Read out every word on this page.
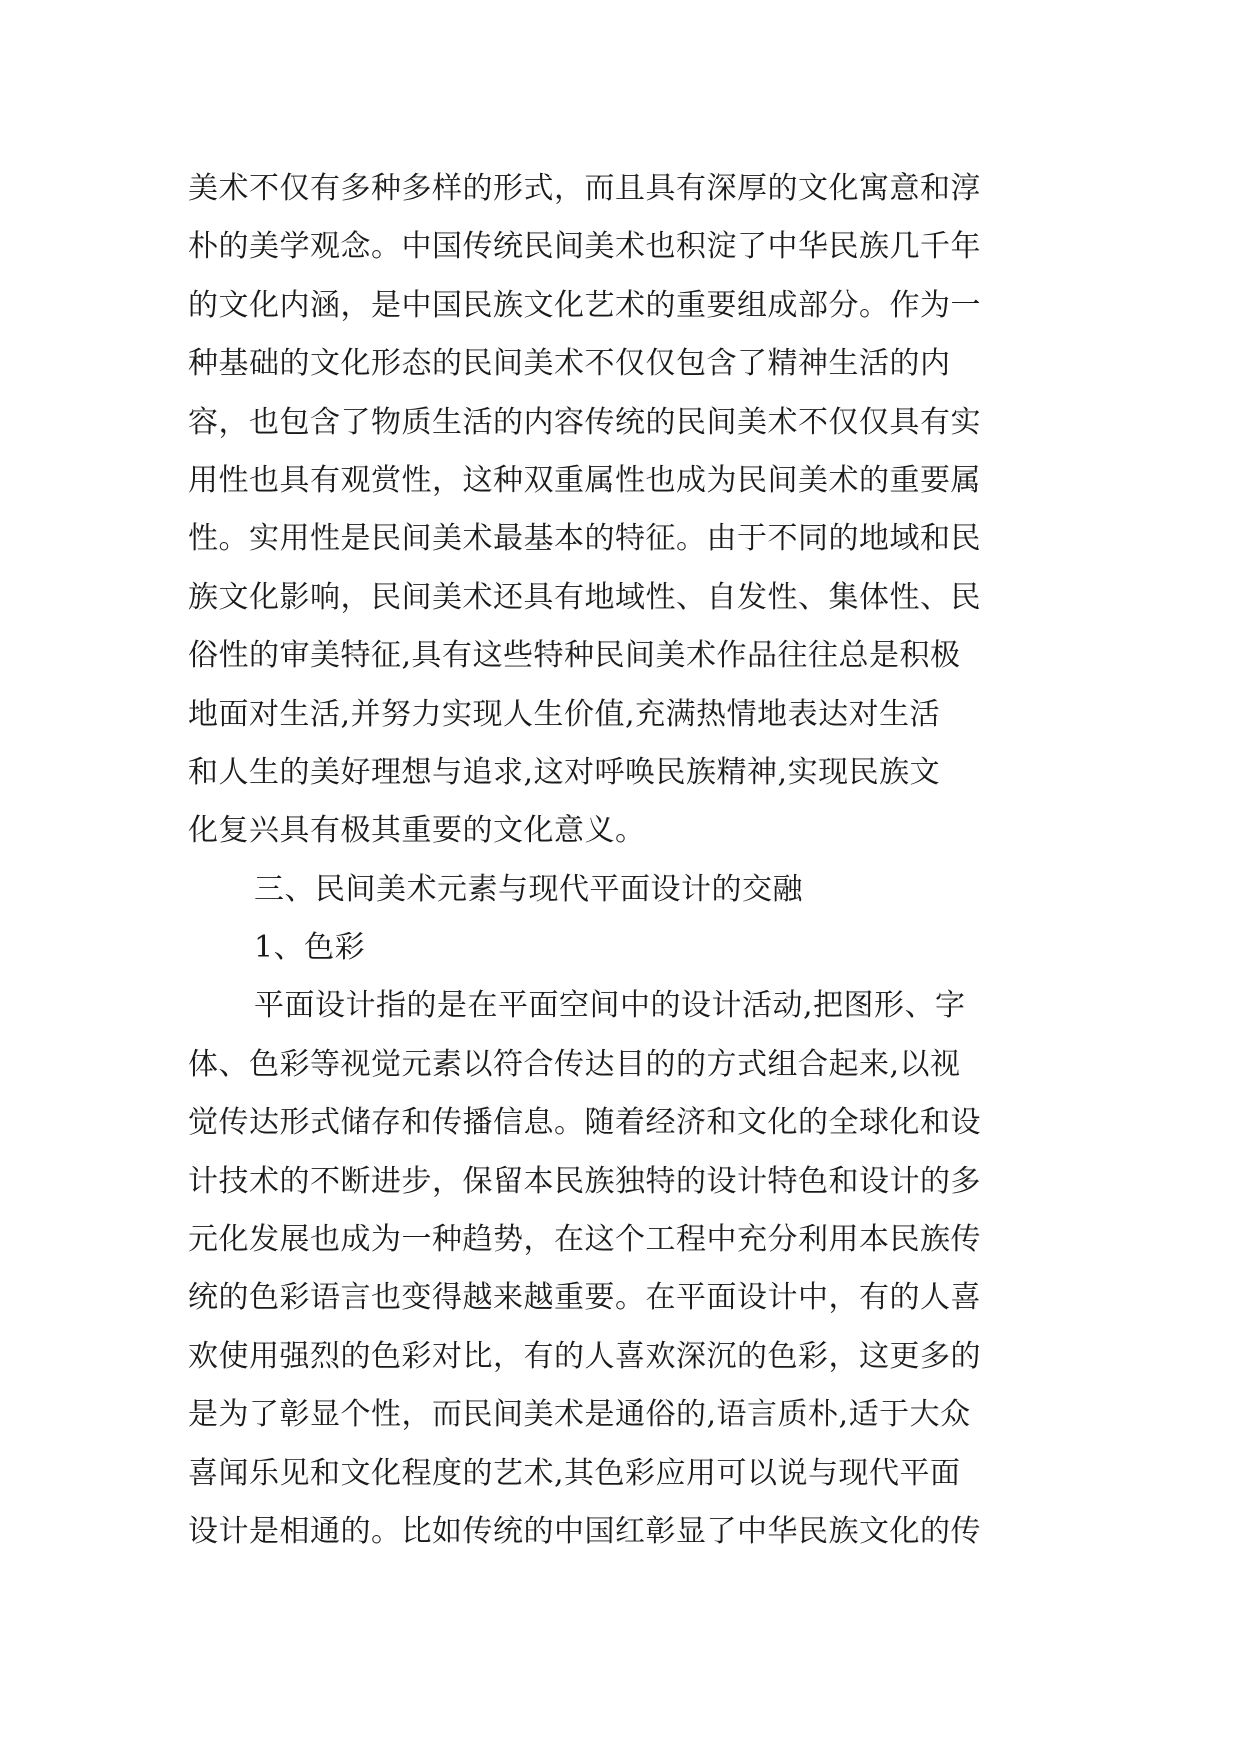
美术不仅有多种多样的形式，而且具有深厚的文化寓意和淳
朴的美学观念。中国传统民间美术也积淀了中华民族几千年
的文化内涵，是中国民族文化艺术的重要组成部分。作为一
种基础的文化形态的民间美术不仅仅包含了精神生活的内
容，也包含了物质生活的内容传统的民间美术不仅仅具有实
用性也具有观赏性，这种双重属性也成为民间美术的重要属
性。实用性是民间美术最基本的特征。由于不同的地域和民
族文化影响，民间美术还具有地域性、自发性、集体性、民
俗性的审美特征,具有这些特种民间美术作品往往总是积极
地面对生活,并努力实现人生价值,充满热情地表达对生活
和人生的美好理想与追求,这对呼唤民族精神,实现民族文
化复兴具有极其重要的文化意义。
三、民间美术元素与现代平面设计的交融
1、色彩
平面设计指的是在平面空间中的设计活动,把图形、字
体、色彩等视觉元素以符合传达目的的方式组合起来,以视
觉传达形式储存和传播信息。随着经济和文化的全球化和设
计技术的不断进步，保留本民族独特的设计特色和设计的多
元化发展也成为一种趋势，在这个工程中充分利用本民族传
统的色彩语言也变得越来越重要。在平面设计中，有的人喜
欢使用强烈的色彩对比，有的人喜欢深沉的色彩，这更多的
是为了彰显个性，而民间美术是通俗的,语言质朴,适于大众
喜闻乐见和文化程度的艺术,其色彩应用可以说与现代平面
设计是相通的。比如传统的中国红彰显了中华民族文化的传
